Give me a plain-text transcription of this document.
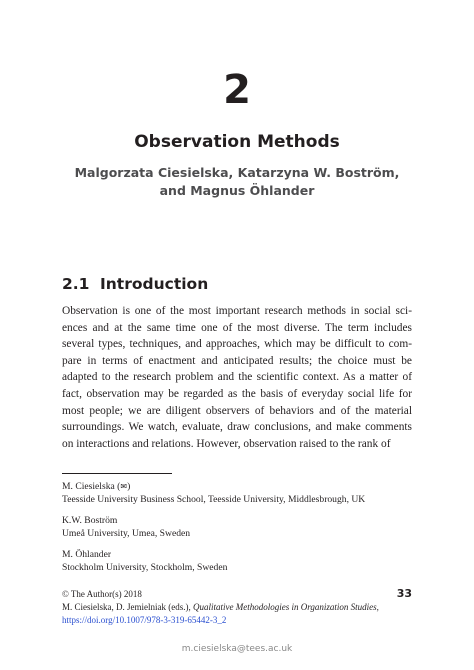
2
Observation Methods
Malgorzata Ciesielska, Katarzyna W. Boström,
and Magnus Öhlander
2.1 Introduction
Observation is one of the most important research methods in social sci-
ences and at the same time one of the most diverse. The term includes
several types, techniques, and approaches, which may be difficult to com-
pare in terms of enactment and anticipated results; the choice must be
adapted to the research problem and the scientific context. As a matter of
fact, observation may be regarded as the basis of everyday social life for
most people; we are diligent observers of behaviors and of the material
surroundings. We watch, evaluate, draw conclusions, and make comments
on interactions and relations. However, observation raised to the rank of
M. Ciesielska (✉)
Teesside University Business School, Teesside University, Middlesbrough, UK
K.W. Boström
Umeå University, Umea, Sweden
M. Öhlander
Stockholm University, Stockholm, Sweden
© The Author(s) 2018
M. Ciesielska, D. Jemielniak (eds.), Qualitative Methodologies in Organization Studies,
https://doi.org/10.1007/978-3-319-65442-3_2
33
m.ciesielska@tees.ac.uk
